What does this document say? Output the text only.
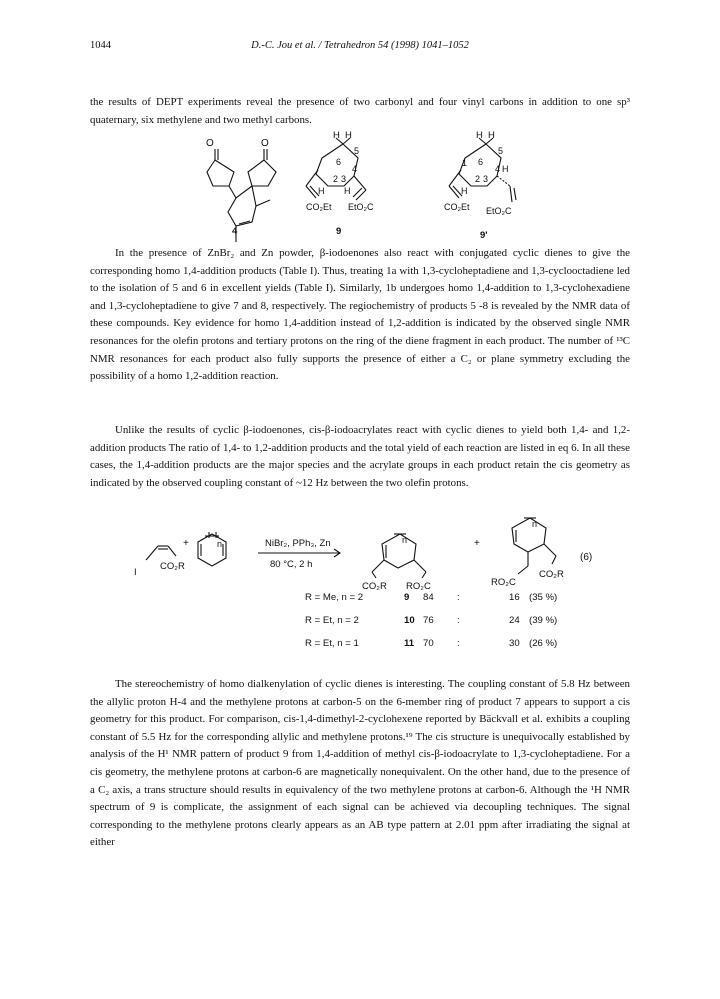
1044	D.-C. Jou et al. / Tetrahedron 54 (1998) 1041–1052

the results of DEPT experiments reveal the presence of two carbonyl and four vinyl carbons in addition to one sp³ quaternary, six methylene and two methyl carbons.

O	O
H H
6
5
4
2 3
H H
CO₂Et EtO₂C
H H
1 6
5
4 H
2 3
H
CO₂Et EtO₂C
4	9	9'
I
CO₂R
+	n	NiBr₂, PPh₃, Zn
80 °C, 2 h
n
CO₂R RO₂C
+
n
CO₂R
RO₂C
(6)

In the presence of ZnBr₂ and Zn powder, β-iodoenones also react with conjugated cyclic dienes to give the corresponding homo 1,4-addition products (Table I). Thus, treating 1a with 1,3-cycloheptadiene and 1,3-cyclooctadiene led to the isolation of 5 and 6 in excellent yields (Table I). Similarly, 1b undergoes homo 1,4-addition to 1,3-cyclohexadiene and 1,3-cycloheptadiene to give 7 and 8, respectively. The regiochemistry of products 5 -8 is revealed by the NMR data of these compounds. Key evidence for homo 1,4-addition instead of 1,2-addition is indicated by the observed single NMR resonances for the olefin protons and tertiary protons on the ring of the diene fragment in each product. The number of ¹³C NMR resonances for each product also fully supports the presence of either a C₂ or plane symmetry excluding the possibility of a homo 1,2-addition reaction.

Unlike the results of cyclic β-iodoenones, cis-β-iodoacrylates react with cyclic dienes to yield both 1,4- and 1,2-addition products The ratio of 1,4- to 1,2-addition products and the total yield of each reaction are listed in eq 6. In all these cases, the 1,4-addition products are the major species and the acrylate groups in each product retain the cis geometry as indicated by the observed coupling constant of ~12 Hz between the two olefin protons.

R = Me, n = 2	9 84 :	16 (35 %)
R = Et, n = 2	10 76 :	24 (39 %)
R = Et, n = 1	11 70 :	30 (26 %)

The stereochemistry of homo dialkenylation of cyclic dienes is interesting. The coupling constant of 5.8 Hz between the allylic proton H-4 and the methylene protons at carbon-5 on the 6-member ring of product 7 appears to support a cis geometry for this product. For comparison, cis-1,4-dimethyl-2-cyclohexene reported by Bäckvall et al. exhibits a coupling constant of 5.5 Hz for the corresponding allylic and methylene protons.¹⁹ The cis structure is unequivocally established by analysis of the H¹ NMR pattern of product 9 from 1,4-addition of methyl cis-β-iodoacrylate to 1,3-cycloheptadiene. For a cis geometry, the methylene protons at carbon-6 are magnetically nonequivalent. On the other hand, due to the presence of a C₂ axis, a trans structure should results in equivalency of the two methylene protons at carbon-6. Although the ¹H NMR spectrum of 9 is complicate, the assignment of each signal can be achieved via decoupling techniques. The signal corresponding to the methylene protons clearly appears as an AB type pattern at 2.01 ppm after irradiating the signal at either
